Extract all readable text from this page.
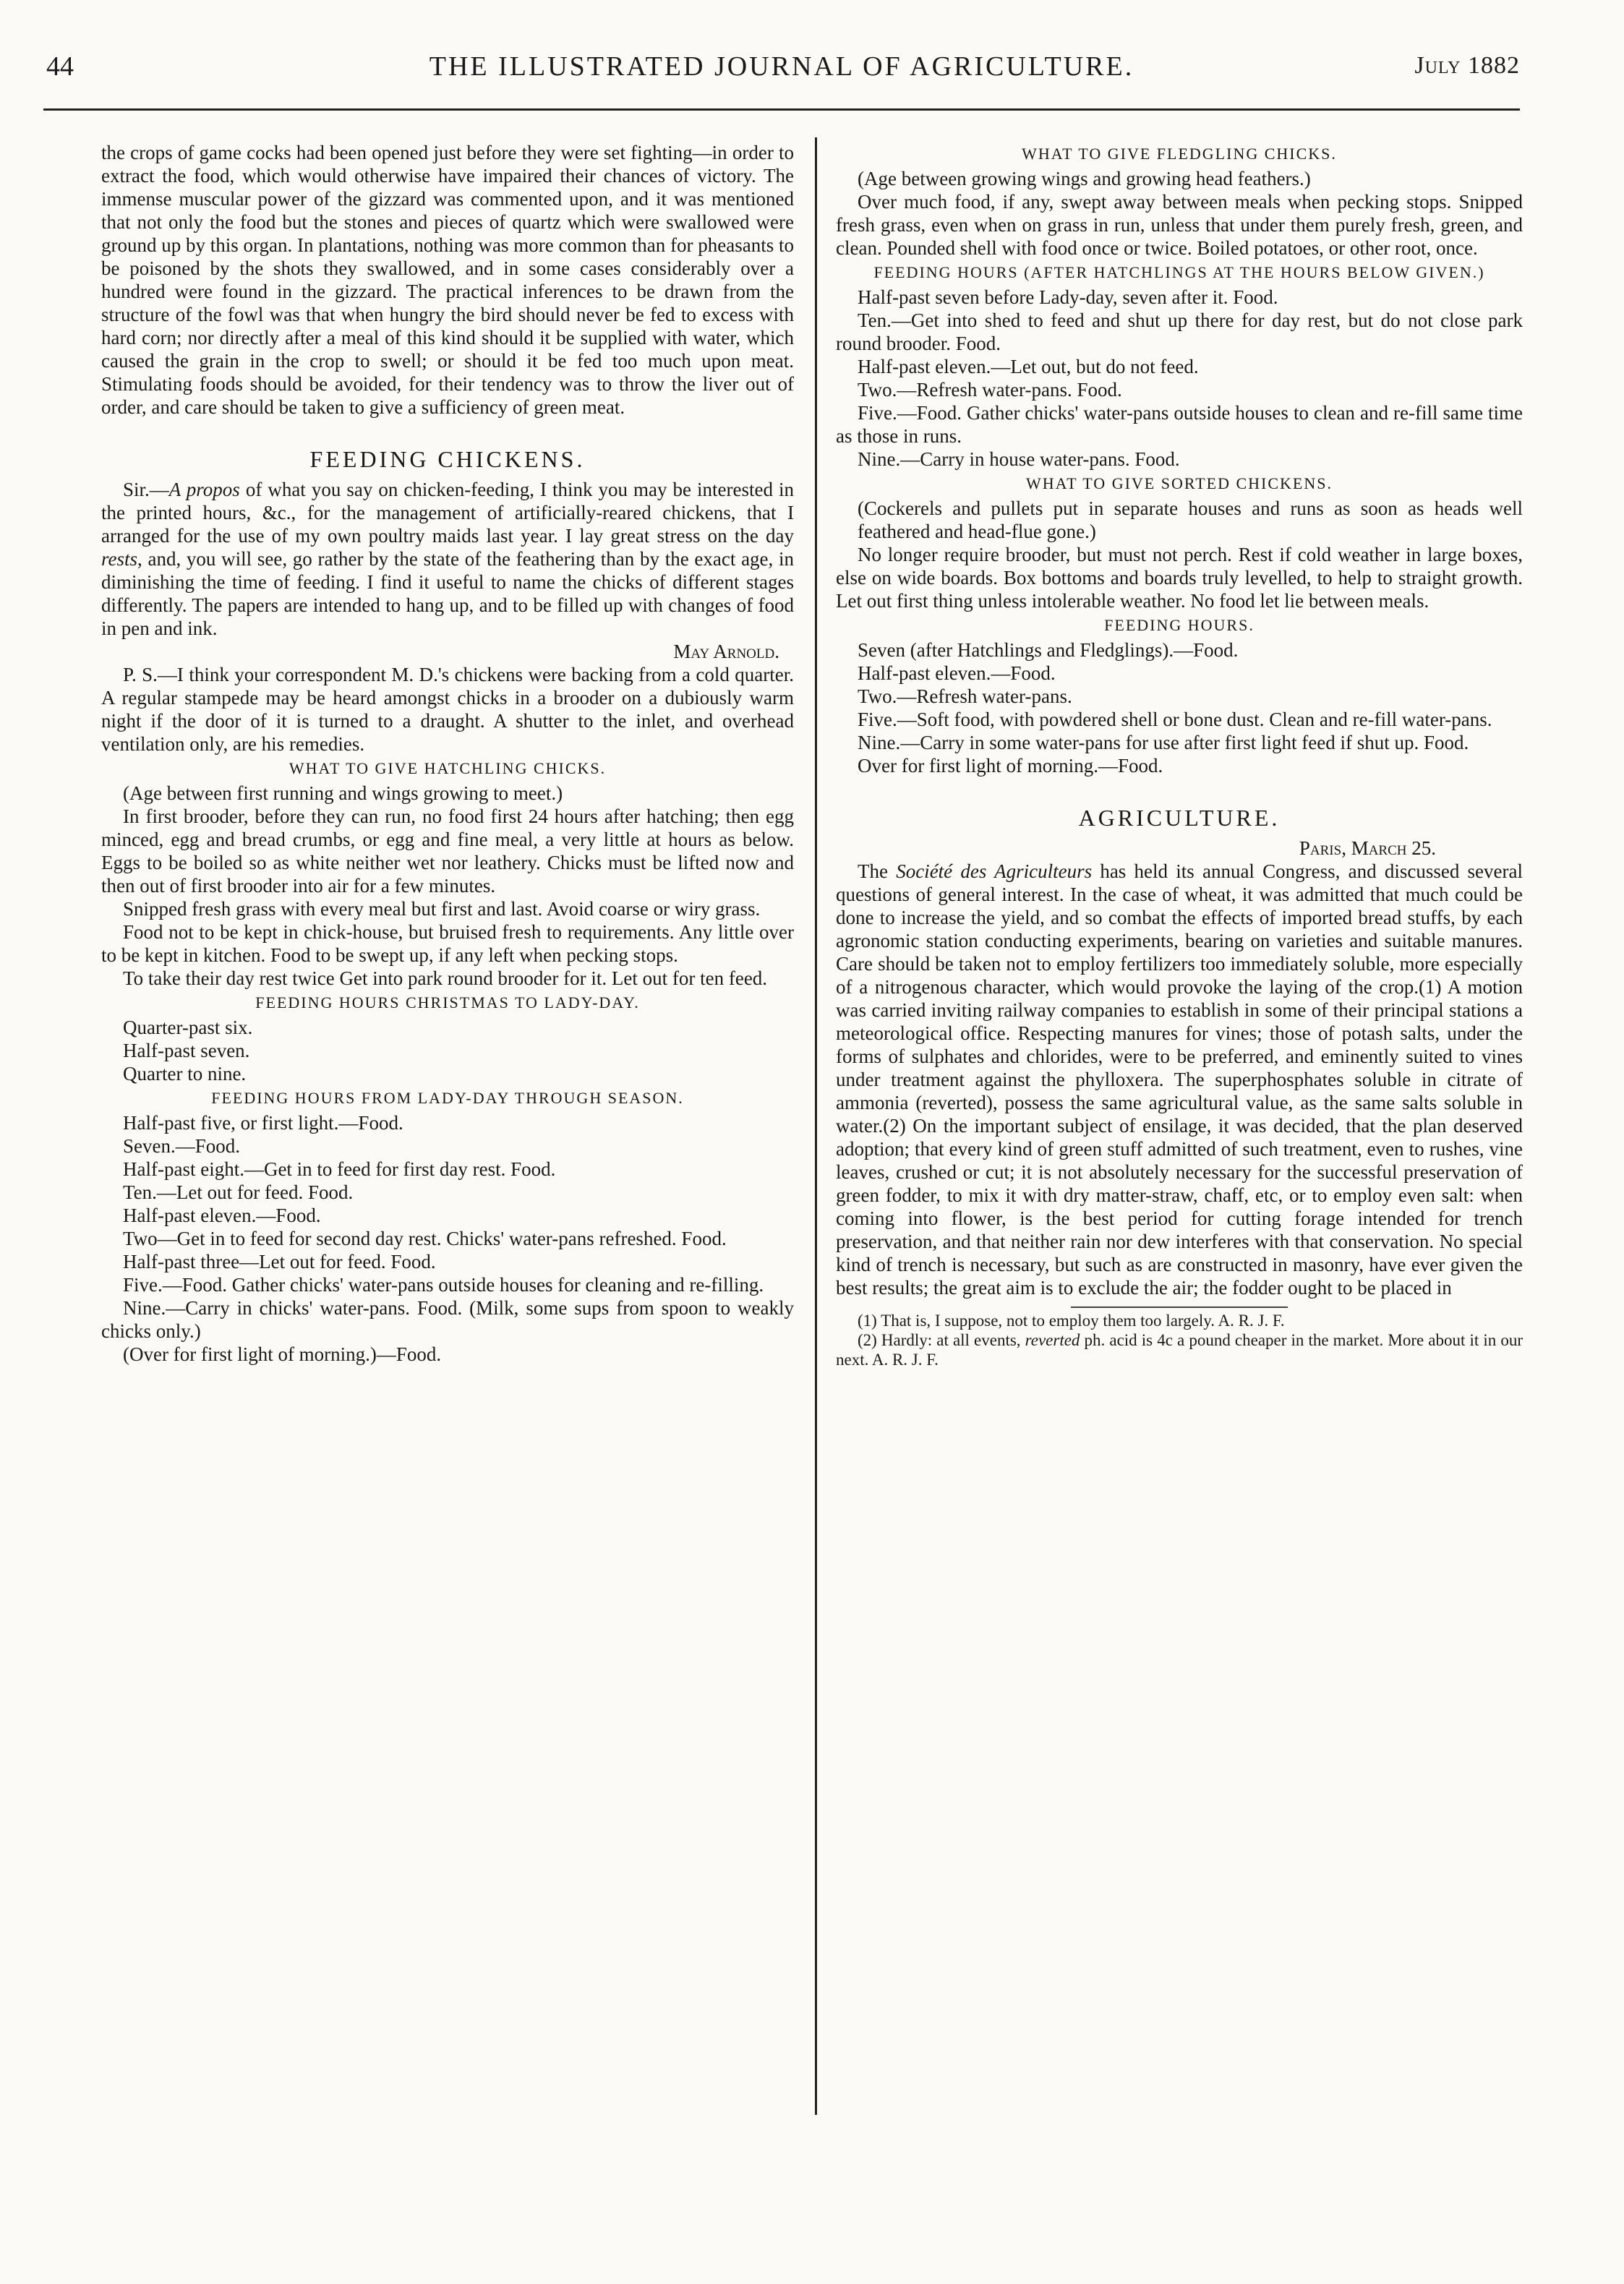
44	THE ILLUSTRATED JOURNAL OF AGRICULTURE.	July 1882

the crops of game cocks had been opened just before they were set fighting—in order to extract the food, which would otherwise have impaired their chances of victory. The immense muscular power of the gizzard was commented upon, and it was mentioned that not only the food but the stones and pieces of quartz which were swallowed were ground up by this organ. In plantations, nothing was more common than for pheasants to be poisoned by the shots they swallowed, and in some cases considerably over a hundred were found in the gizzard. The practical inferences to be drawn from the structure of the fowl was that when hungry the bird should never be fed to excess with hard corn; nor directly after a meal of this kind should it be supplied with water, which caused the grain in the crop to swell; or should it be fed too much upon meat. Stimulating foods should be avoided, for their tendency was to throw the liver out of order, and care should be taken to give a sufficiency of green meat.

FEEDING CHICKENS.

Sir.—A propos of what you say on chicken-feeding, I think you may be interested in the printed hours, &c., for the management of artificially-reared chickens, that I arranged for the use of my own poultry maids last year. I lay great stress on the day rests, and, you will see, go rather by the state of the feathering than by the exact age, in diminishing the time of feeding. I find it useful to name the chicks of different stages differently. The papers are intended to hang up, and to be filled up with changes of food in pen and ink.

May Arnold.

P. S.—I think your correspondent M. D.'s chickens were backing from a cold quarter. A regular stampede may be heard amongst chicks in a brooder on a dubiously warm night if the door of it is turned to a draught. A shutter to the inlet, and overhead ventilation only, are his remedies.

WHAT TO GIVE HATCHLING CHICKS.

(Age between first running and wings growing to meet.)

In first brooder, before they can run, no food first 24 hours after hatching; then egg minced, egg and bread crumbs, or egg and fine meal, a very little at hours as below. Eggs to be boiled so as white neither wet nor leathery. Chicks must be lifted now and then out of first brooder into air for a few minutes.

Snipped fresh grass with every meal but first and last. Avoid coarse or wiry grass.

Food not to be kept in chick-house, but bruised fresh to requirements. Any little over to be kept in kitchen. Food to be swept up, if any left when pecking stops.

To take their day rest twice Get into park round brooder for it. Let out for ten feed.

FEEDING HOURS CHRISTMAS TO LADY-DAY.

Quarter-past six.

Half-past seven.

Quarter to nine.

FEEDING HOURS FROM LADY-DAY THROUGH SEASON.

Half-past five, or first light.—Food.

Seven.—Food.

Half-past eight.—Get in to feed for first day rest. Food.

Ten.—Let out for feed. Food.

Half-past eleven.—Food.

Two—Get in to feed for second day rest. Chicks' water-pans refreshed. Food.

Half-past three—Let out for feed. Food.

Five.—Food. Gather chicks' water-pans outside houses for cleaning and re-filling.

Nine.—Carry in chicks' water-pans. Food. (Milk, some sups from spoon to weakly chicks only.)

(Over for first light of morning.)—Food.

WHAT TO GIVE FLEDGLING CHICKS.

(Age between growing wings and growing head feathers.)

Over much food, if any, swept away between meals when pecking stops. Snipped fresh grass, even when on grass in run, unless that under them purely fresh, green, and clean. Pounded shell with food once or twice. Boiled potatoes, or other root, once.

FEEDING HOURS (AFTER HATCHLINGS AT THE HOURS BELOW GIVEN.)

Half-past seven before Lady-day, seven after it. Food.

Ten.—Get into shed to feed and shut up there for day rest, but do not close park round brooder. Food.

Half-past eleven.—Let out, but do not feed.

Two.—Refresh water-pans. Food.

Five.—Food. Gather chicks' water-pans outside houses to clean and re-fill same time as those in runs.

Nine.—Carry in house water-pans. Food.

WHAT TO GIVE SORTED CHICKENS.

(Cockerels and pullets put in separate houses and runs as soon as heads well feathered and head-flue gone.)

No longer require brooder, but must not perch. Rest if cold weather in large boxes, else on wide boards. Box bottoms and boards truly levelled, to help to straight growth. Let out first thing unless intolerable weather. No food let lie between meals.

FEEDING HOURS.

Seven (after Hatchlings and Fledglings).—Food.

Half-past eleven.—Food.

Two.—Refresh water-pans.

Five.—Soft food, with powdered shell or bone dust. Clean and re-fill water-pans.

Nine.—Carry in some water-pans for use after first light feed if shut up. Food.

Over for first light of morning.—Food.

AGRICULTURE.

Paris, March 25.

The Société des Agriculteurs has held its annual Congress, and discussed several questions of general interest. In the case of wheat, it was admitted that much could be done to increase the yield, and so combat the effects of imported bread stuffs, by each agronomic station conducting experiments, bearing on varieties and suitable manures. Care should be taken not to employ fertilizers too immediately soluble, more especially of a nitrogenous character, which would provoke the laying of the crop.(1) A motion was carried inviting railway companies to establish in some of their principal stations a meteorological office. Respecting manures for vines; those of potash salts, under the forms of sulphates and chlorides, were to be preferred, and eminently suited to vines under treatment against the phylloxera. The superphosphates soluble in citrate of ammonia (reverted), possess the same agricultural value, as the same salts soluble in water.(2) On the important subject of ensilage, it was decided, that the plan deserved adoption; that every kind of green stuff admitted of such treatment, even to rushes, vine leaves, crushed or cut; it is not absolutely necessary for the successful preservation of green fodder, to mix it with dry matter-straw, chaff, etc, or to employ even salt: when coming into flower, is the best period for cutting forage intended for trench preservation, and that neither rain nor dew interferes with that conservation. No special kind of trench is necessary, but such as are constructed in masonry, have ever given the best results; the great aim is to exclude the air; the fodder ought to be placed in

(1) That is, I suppose, not to employ them too largely. A. R. J. F.

(2) Hardly: at all events, reverted ph. acid is 4c a pound cheaper in the market. More about it in our next. A. R. J. F.
